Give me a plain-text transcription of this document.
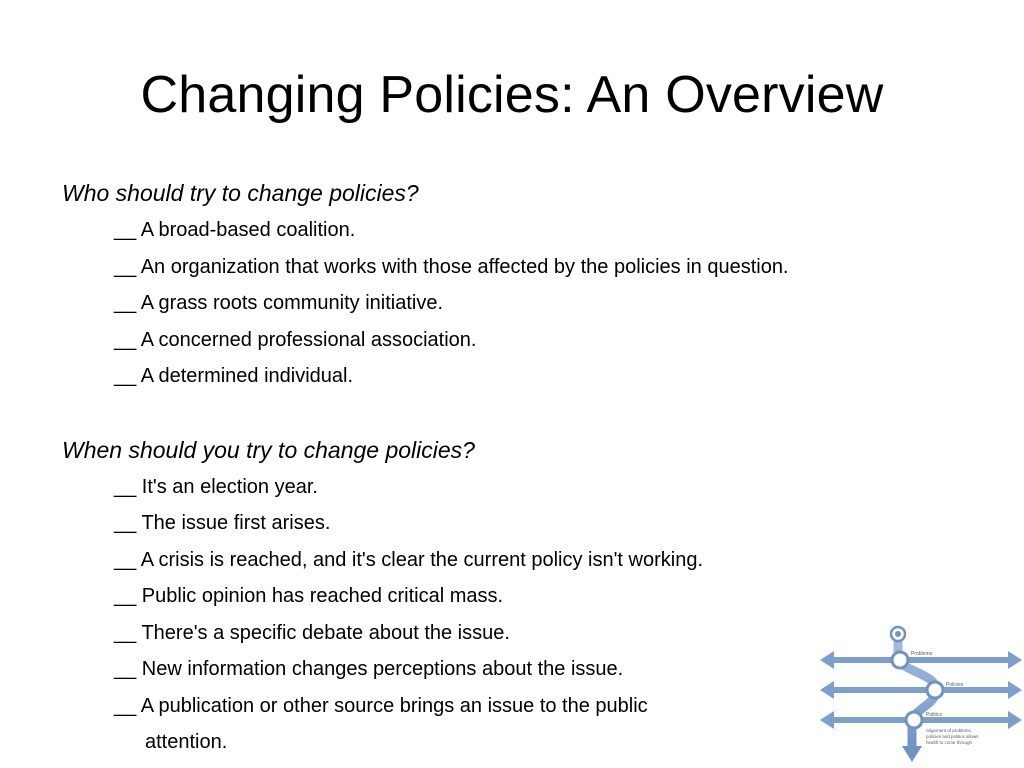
Changing Policies: An Overview
Who should try to change policies?
__ A broad-based coalition.
__ An organization that works with those affected by the policies in question.
__ A grass roots community initiative.
__ A concerned professional association.
__ A determined individual.
When should you try to change policies?
__ It's an election year.
__ The issue first arises.
__ A crisis is reached, and it's clear the current policy isn't working.
__ Public opinion has reached critical mass.
__ There's a specific debate about the issue.
__ New information changes perceptions about the issue.
__ A publication or other source brings an issue to the public
attention.
Problems
Policies
Politics
Alignment of problems,
policies and politics allows
health to come through
